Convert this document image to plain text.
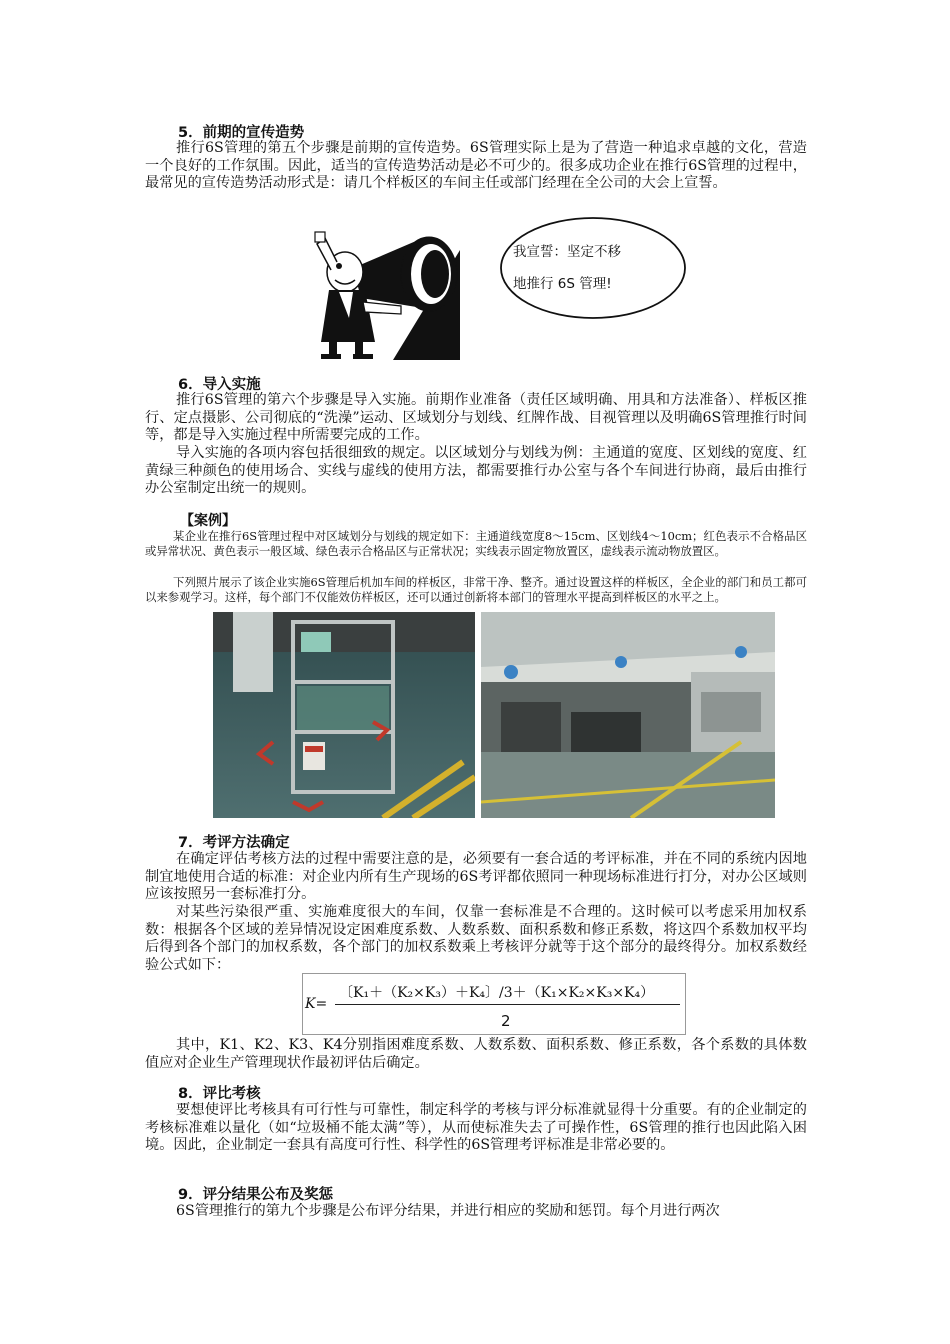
5．前期的宣传造势

推行6S管理的第五个步骤是前期的宣传造势。6S管理实际上是为了营造一种追求卓越的文化，营造一个良好的工作氛围。因此，适当的宣传造势活动是必不可少的。很多成功企业在推行6S管理的过程中，最常见的宣传造势活动形式是：请几个样板区的车间主任或部门经理在全公司的大会上宣誓。

我宣誓：坚定不移
地推行 6S 管理!
6．导入实施

推行6S管理的第六个步骤是导入实施。前期作业准备（责任区域明确、用具和方法准备）、样板区推行、定点摄影、公司彻底的“洗澡”运动、区域划分与划线、红牌作战、目视管理以及明确6S管理推行时间等，都是导入实施过程中所需要完成的工作。

导入实施的各项内容包括很细致的规定。以区域划分与划线为例：主通道的宽度、区划线的宽度、红黄绿三种颜色的使用场合、实线与虚线的使用方法，都需要推行办公室与各个车间进行协商，最后由推行办公室制定出统一的规则。

【案例】

某企业在推行6S管理过程中对区域划分与划线的规定如下：主通道线宽度8～15cm、区划线4～10cm；红色表示不合格品区或异常状况、黄色表示一般区域、绿色表示合格品区与正常状况；实线表示固定物放置区，虚线表示流动物放置区。

下列照片展示了该企业实施6S管理后机加车间的样板区，非常干净、整齐。通过设置这样的样板区，全企业的部门和员工都可以来参观学习。这样，每个部门不仅能效仿样板区，还可以通过创新将本部门的管理水平提高到样板区的水平之上。

7．考评方法确定

在确定评估考核方法的过程中需要注意的是，必须要有一套合适的考评标准，并在不同的系统内因地制宜地使用合适的标准：对企业内所有生产现场的6S考评都依照同一种现场标准进行打分，对办公区域则应该按照另一套标准打分。

对某些污染很严重、实施难度很大的车间，仅靠一套标准是不合理的。这时候可以考虑采用加权系数：根据各个区域的差异情况设定困难度系数、人数系数、面积系数和修正系数，将这四个系数加权平均后得到各个部门的加权系数，各个部门的加权系数乘上考核评分就等于这个部分的最终得分。加权系数经验公式如下：

K=
〔K₁＋（K₂×K₃）＋K₄〕/3＋（K₁×K₂×K₃×K₄）
2

其中，K1、K2、K3、K4分别指困难度系数、人数系数、面积系数、修正系数，各个系数的具体数值应对企业生产管理现状作最初评估后确定。

8．评比考核

要想使评比考核具有可行性与可靠性，制定科学的考核与评分标准就显得十分重要。有的企业制定的考核标准难以量化（如“垃圾桶不能太满”等），从而使标准失去了可操作性，6S管理的推行也因此陷入困境。因此，企业制定一套具有高度可行性、科学性的6S管理考评标准是非常必要的。

9．评分结果公布及奖惩

6S管理推行的第九个步骤是公布评分结果，并进行相应的奖励和惩罚。每个月进行两次
